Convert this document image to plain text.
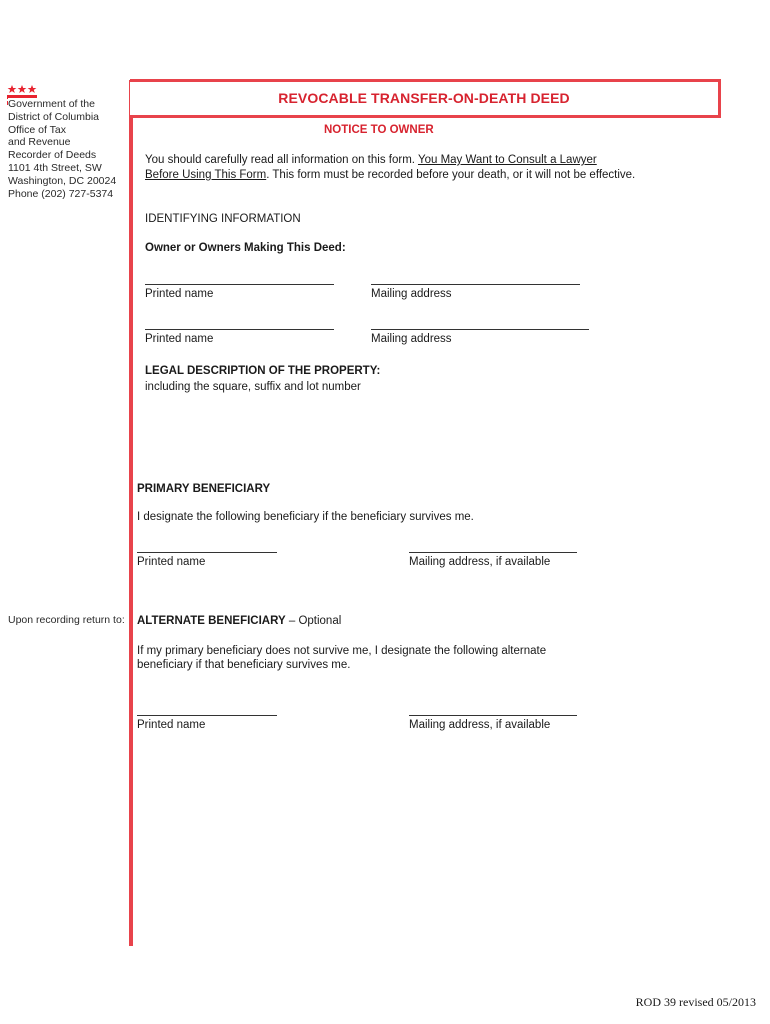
Government of the
District of Columbia
Office of Tax
and Revenue
Recorder of Deeds
1101 4th Street, SW
Washington, DC 20024
Phone (202) 727-5374
Upon recording return to:
REVOCABLE TRANSFER-ON-DEATH DEED
NOTICE TO OWNER
You should carefully read all information on this form. You May Want to Consult a Lawyer
Before Using This Form. This form must be recorded before your death, or it will not be effective.
IDENTIFYING INFORMATION
Owner or Owners Making This Deed:
Printed name	Mailing address
Printed name	Mailing address
LEGAL DESCRIPTION OF THE PROPERTY:
including the square, suffix and lot number
PRIMARY BENEFICIARY
I designate the following beneficiary if the beneficiary survives me.
Printed name	Mailing address, if available
ALTERNATE BENEFICIARY – Optional
If my primary beneficiary does not survive me, I designate the following alternate
beneficiary if that beneficiary survives me.
Printed name	Mailing address, if available
ROD 39 revised 05/2013
